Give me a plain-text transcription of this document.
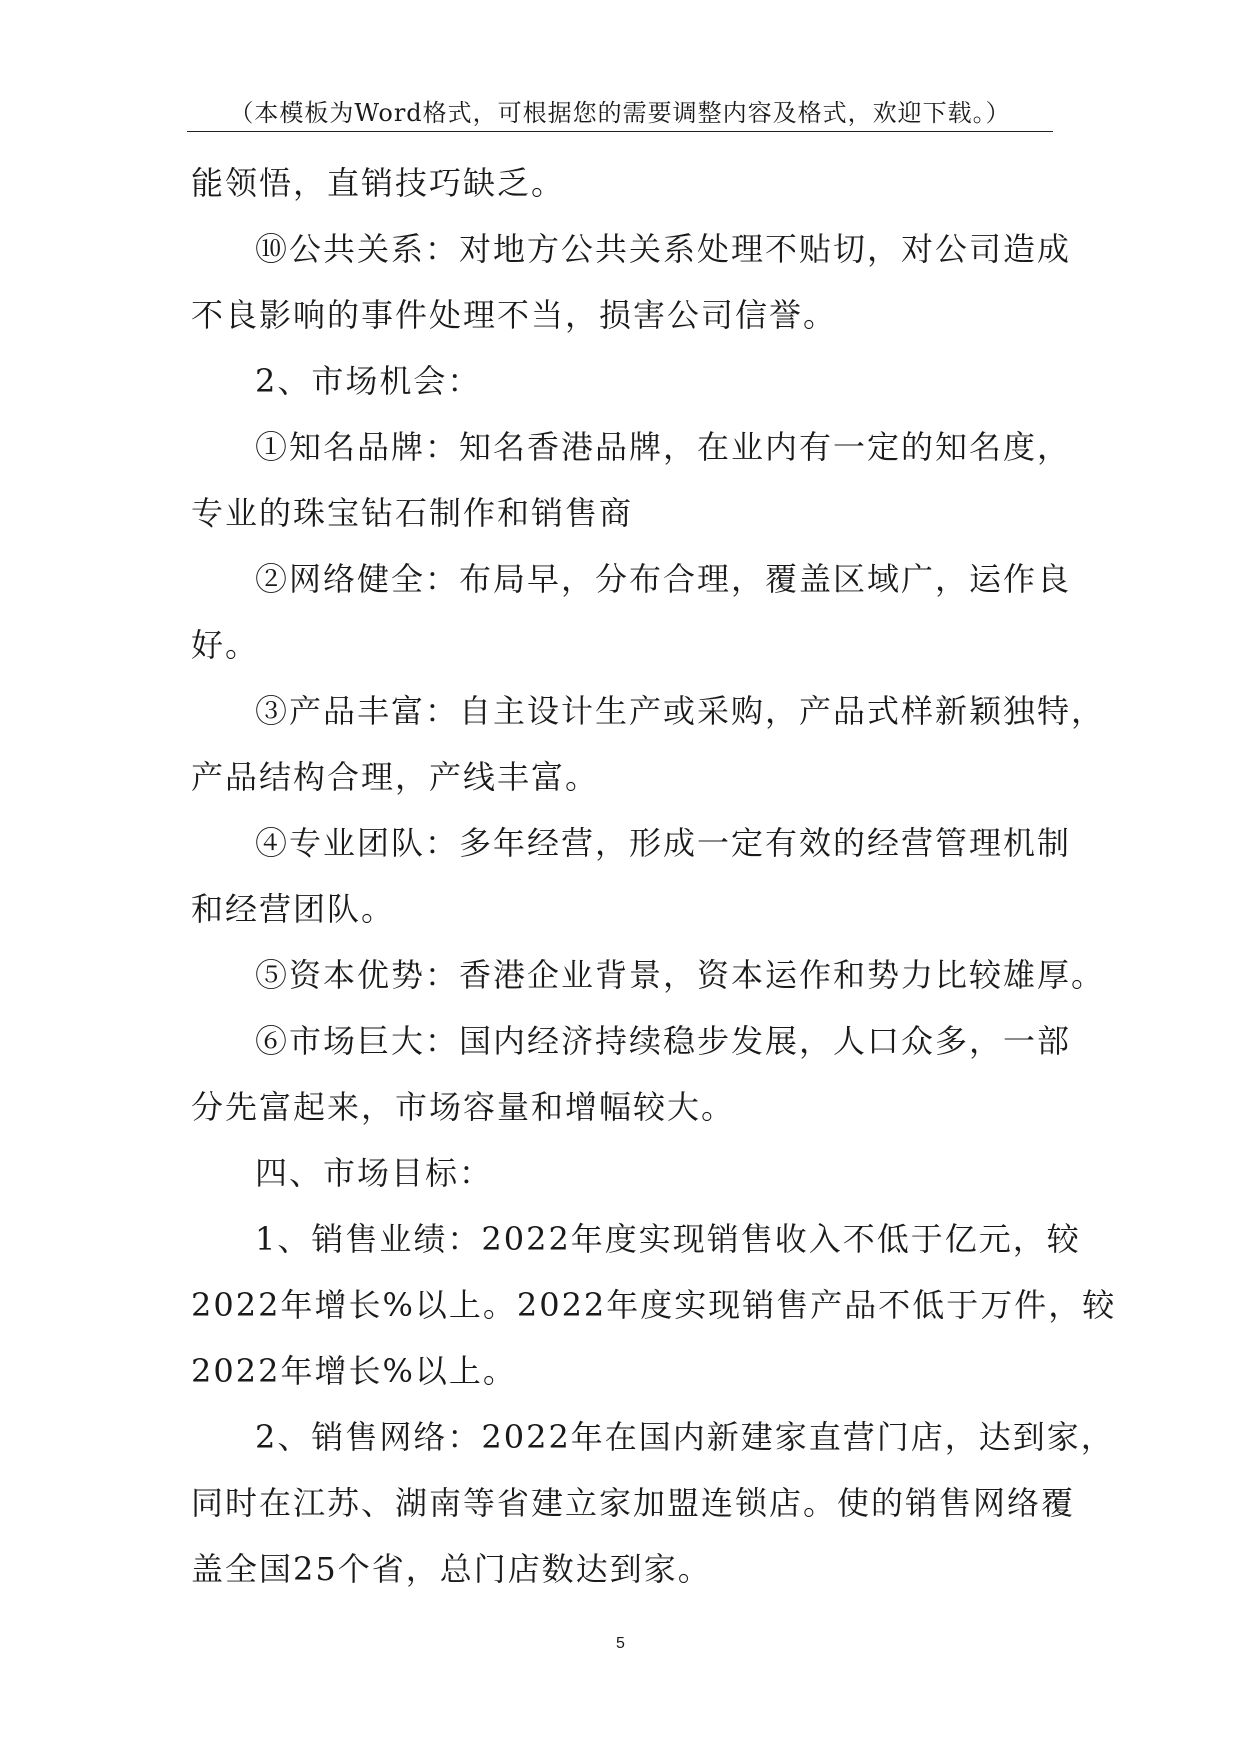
（本模板为Word格式，可根据您的需要调整内容及格式，欢迎下载。）
能领悟，直销技巧缺乏。
⑩公共关系：对地方公共关系处理不贴切，对公司造成
不良影响的事件处理不当，损害公司信誉。
2、市场机会：
①知名品牌：知名香港品牌，在业内有一定的知名度，
专业的珠宝钻石制作和销售商
②网络健全：布局早，分布合理，覆盖区域广，运作良
好。
③产品丰富：自主设计生产或采购，产品式样新颖独特，
产品结构合理，产线丰富。
④专业团队：多年经营，形成一定有效的经营管理机制
和经营团队。
⑤资本优势：香港企业背景，资本运作和势力比较雄厚。
⑥市场巨大：国内经济持续稳步发展，人口众多，一部
分先富起来，市场容量和增幅较大。
四、市场目标：
1、销售业绩：2022年度实现销售收入不低于亿元，较
2022年增长%以上。2022年度实现销售产品不低于万件，较
2022年增长%以上。
2、销售网络：2022年在国内新建家直营门店，达到家，
同时在江苏、湖南等省建立家加盟连锁店。使的销售网络覆
盖全国25个省，总门店数达到家。
5
